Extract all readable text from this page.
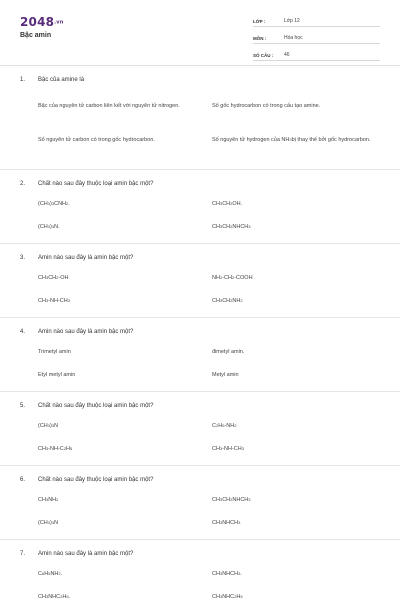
2048.vn
Bậc amin
LỚP :	Lớp 12
MÔN :	Hóa học
SỐ CÂU :	46
1.	Bậc của amine là
Bậc của nguyên tử carbon liên kết với nguyên tử nitrogen.	Số gốc hydrocarbon có trong cấu tạo amine.
Số nguyên tử carbon có trong gốc hydrocarbon.	Số nguyên tử hydrogen của NH 3 bị thay thế bởi gốc hydrocarbon.
2.	Chất nào sau đây thuộc loại amin bậc một?
(CH 3 ) 3 CNH 2 .	CH 3 CH 2 OH.
(CH 3 ) 3 N.	CH 3 CH 2 NHCH 3
3.	Amin nào sau đây là amin bậc một?
CH 3 CH 2 -OH	NH 2 -CH 2 -COOH
CH 3 -NH-CH 3	CH 3 CH 2 NH 2
4.	Amin nào sau đây là amin bậc một?
Trimetyl amin	đimetyl amin.
Etyl metyl amin	Metyl amin
5.	Chất nào sau đây thuộc loại amin bậc một?
(CH 3 ) 3 N	C 2 H 5 -NH 2
CH 3 -NH-C 2 H 5	CH 3 -NH-CH 3
6.	Chất nào sau đây thuộc loại amin bậc một?
CH 3 NH 2	CH 3 CH 2 NHCH 3
(CH 3 ) 3 N	CH 3 NHCH 3
7.	Amin nào sau đây là amin bậc một?
C 6 H 5 NH 2 .	CH 3 NHCH 3 .
CH 3 NHC 2 H 5 .	CH 3 NHC 2 H 5
